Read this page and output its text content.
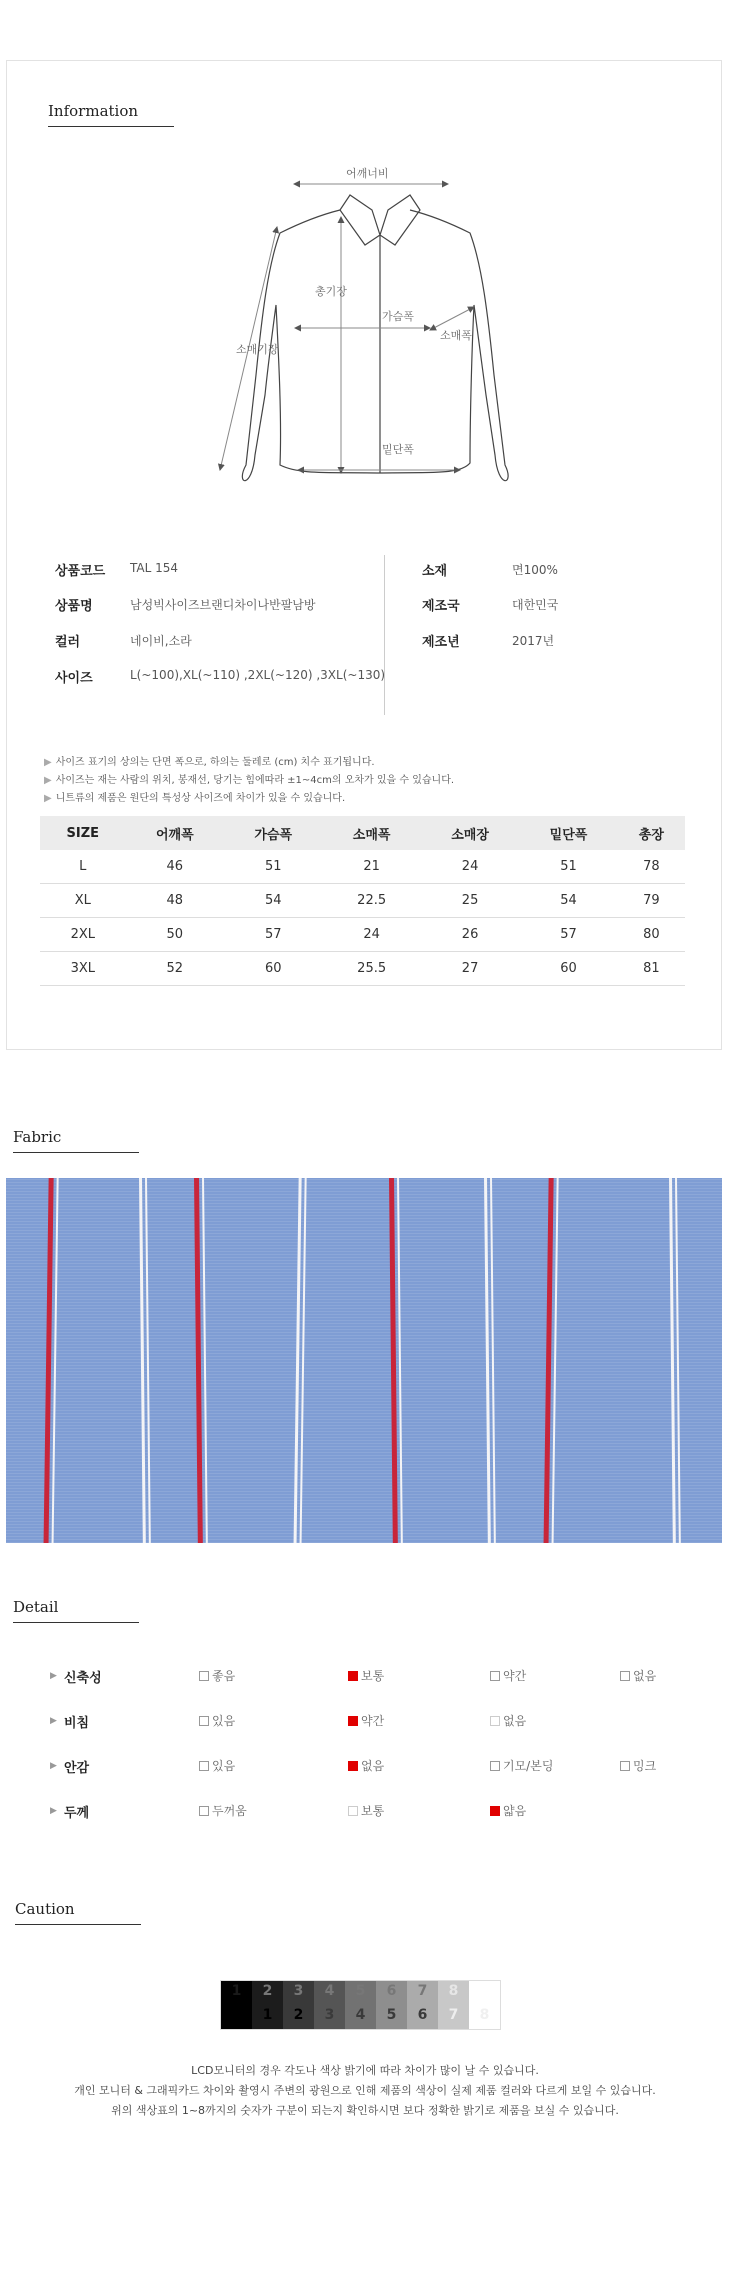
Information
어깨너비
총기장
가슴폭
소매폭
소매기장
밑단폭
상품코드 TAL 154
상품명	남성빅사이즈브랜디차이나반팔남방
컬러	네이비,소라
사이즈	L(~100),XL(~110) ,2XL(~120) ,3XL(~130)
소재	면100%
제조국	대한민국
제조년	2017년
▶ 사이즈 표기의 상의는 단면 폭으로, 하의는 둘레로 (cm) 치수 표기됩니다.
▶ 사이즈는 재는 사람의 위치, 봉재선, 당기는 힘에따라 ±1~4cm의 오차가 있을 수 있습니다.
▶ 니트류의 제품은 원단의 특성상 사이즈에 차이가 있을 수 있습니다.
SIZE	어깨폭	가슴폭	소매폭	소매장	밑단폭	총장
L	46	51	21	24	51	78
XL	48	54	22.5	25	54	79
2XL	50	57	24	26	57	80
3XL	52	60	25.5	27	60	81
Fabric
Detail
▶ 신축성	좋음	보통	약간	없음
▶ 비침	있음	약간	없음
▶ 안감	있음	없음	기모/본딩	밍크
▶ 두께	두꺼움	보통	얇음
Caution
1	2
1
3
2
4
3
5
4
6
5
7
6
8
7	8
LCD모니터의 경우 각도나 색상 밝기에 따라 차이가 많이 날 수 있습니다.
개인 모니터 & 그래픽카드 차이와 촬영시 주변의 광원으로 인해 제품의 색상이 실제 제품 컬러와 다르게 보일 수 있습니다.
위의 색상표의 1~8까지의 숫자가 구분이 되는지 확인하시면 보다 정확한 밝기로 제품을 보실 수 있습니다.
